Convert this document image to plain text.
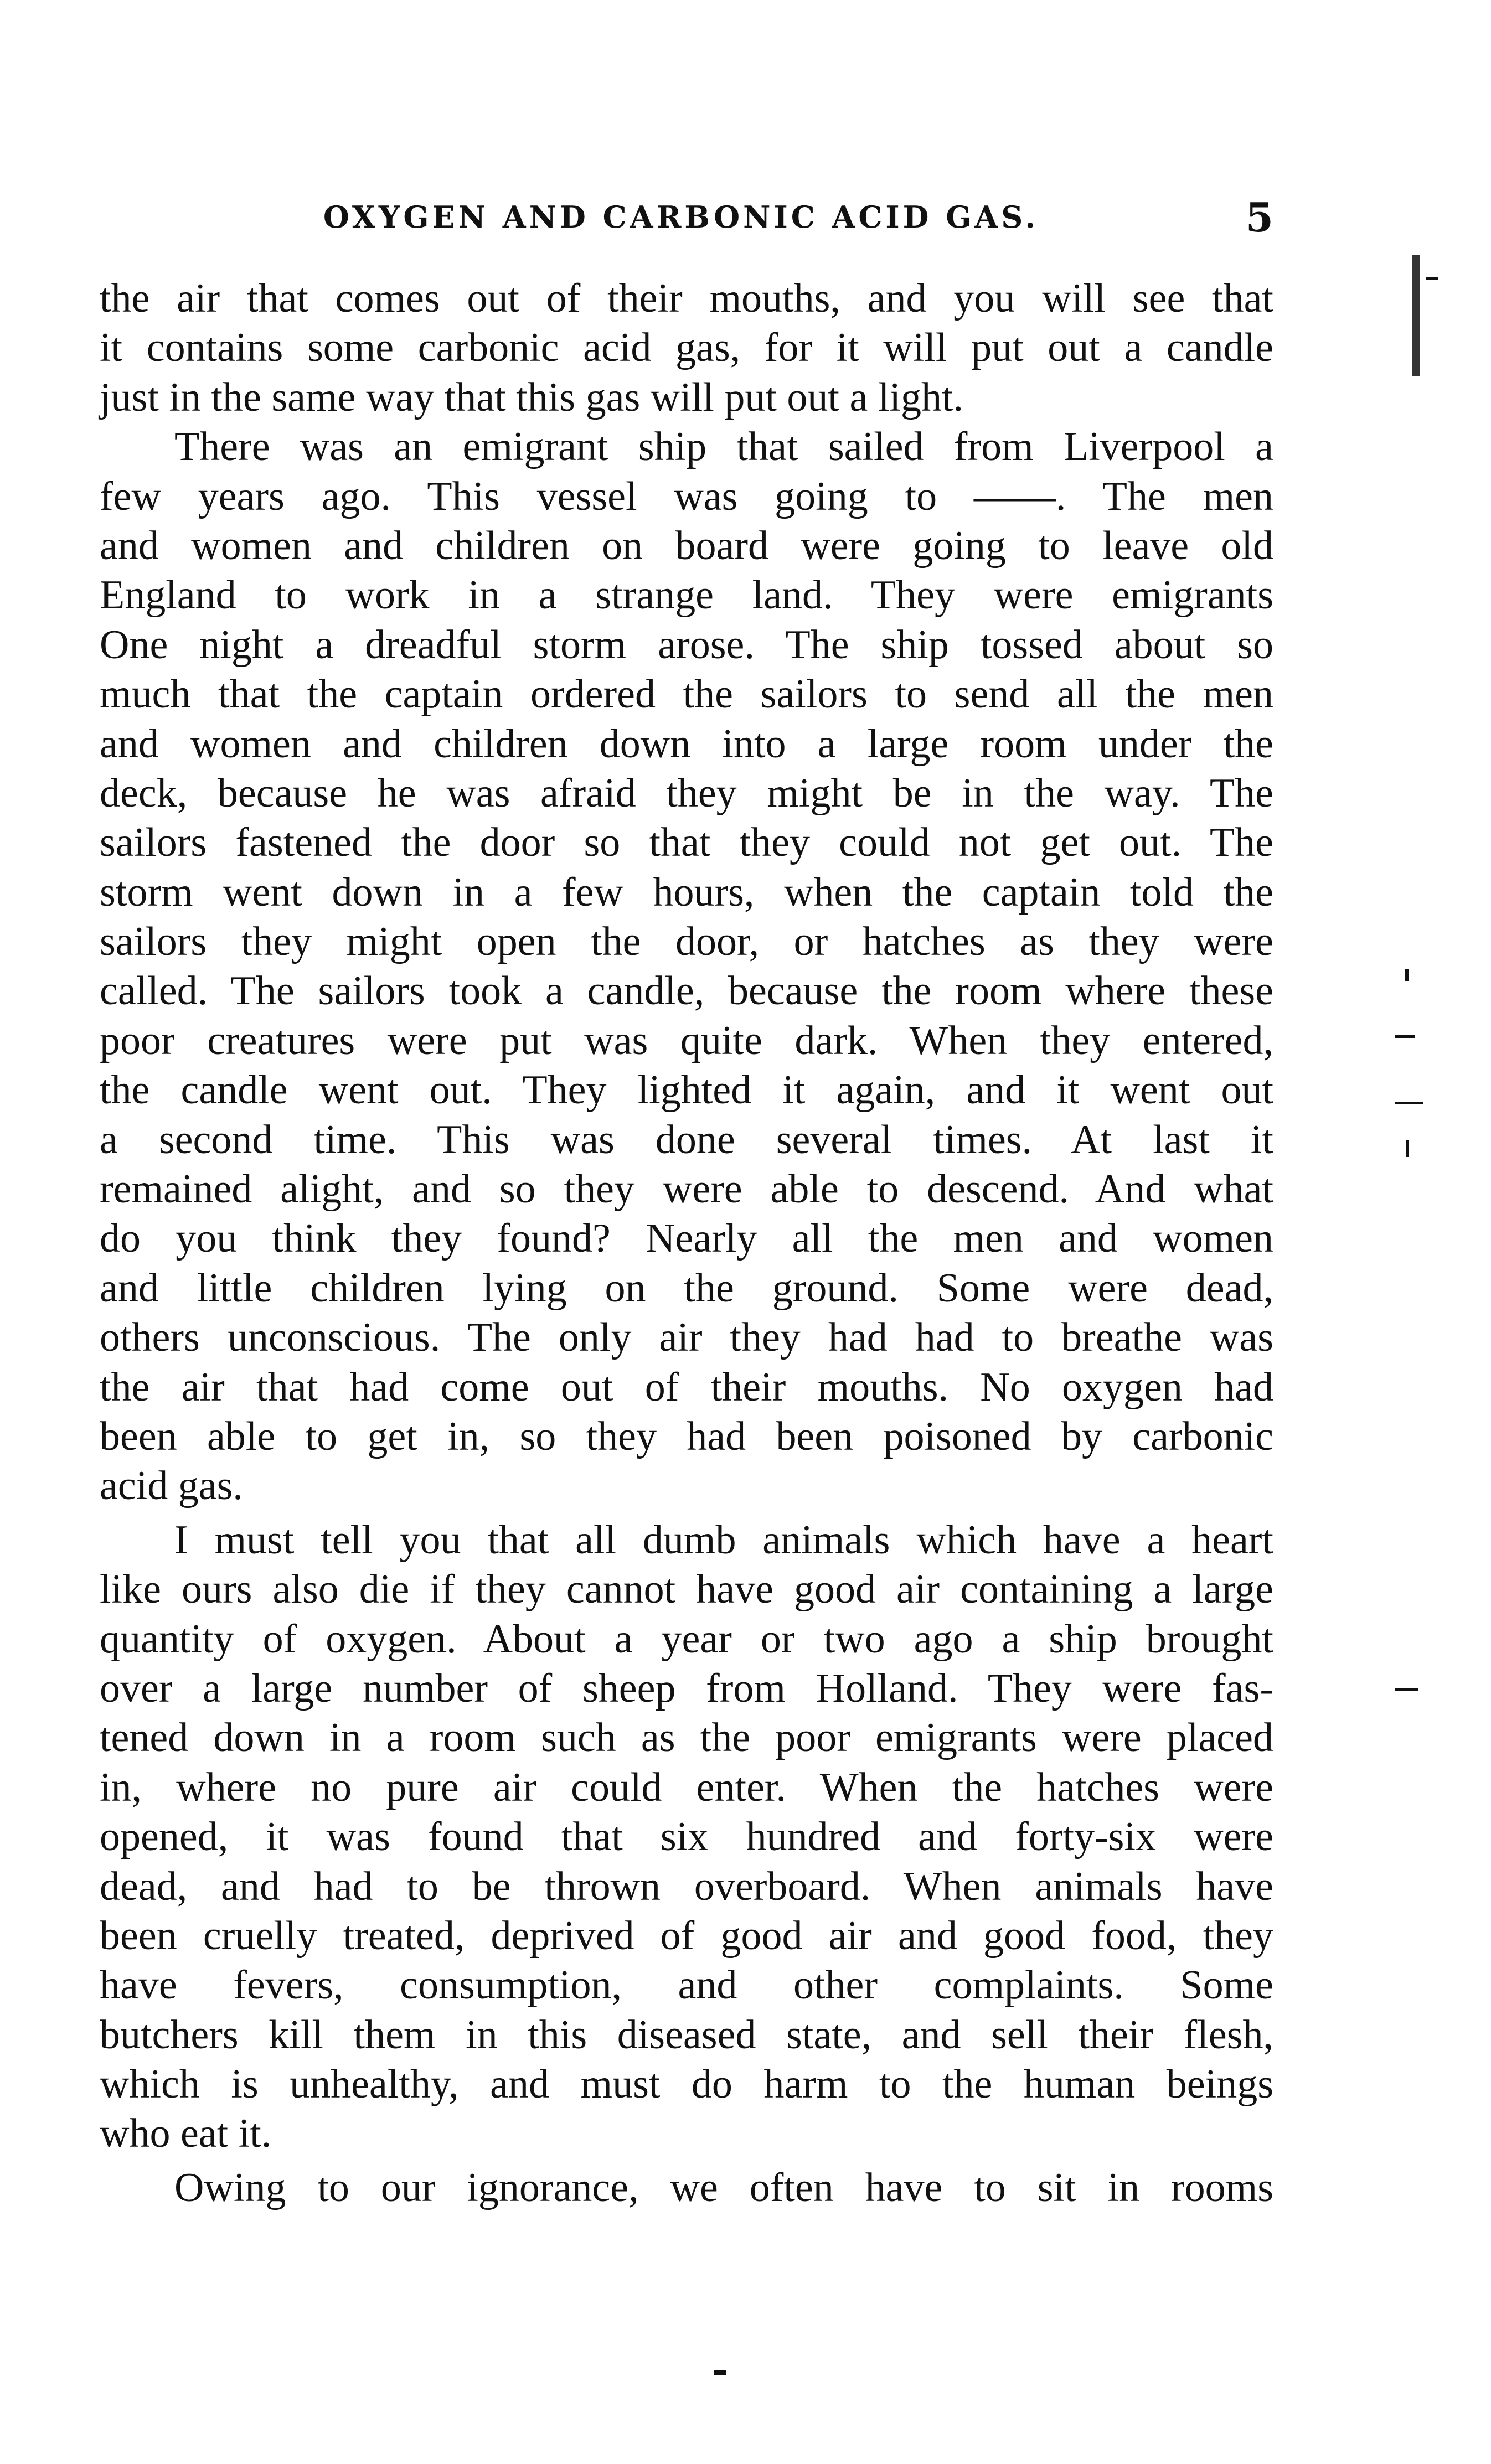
OXYGEN AND CARBONIC ACID GAS.	5
the air that comes out of their mouths, and you will see that
it contains some carbonic acid gas, for it will put out a candle
just in the same way that this gas will put out a light.
There was an emigrant ship that sailed from Liverpool a
few years ago. This vessel was going to ——. The men
and women and children on board were going to leave old
England to work in a strange land. They were emigrants
One night a dreadful storm arose. The ship tossed about so
much that the captain ordered the sailors to send all the men
and women and children down into a large room under the
deck, because he was afraid they might be in the way. The
sailors fastened the door so that they could not get out. The
storm went down in a few hours, when the captain told the
sailors they might open the door, or hatches as they were
called. The sailors took a candle, because the room where these
poor creatures were put was quite dark. When they entered,
the candle went out. They lighted it again, and it went out
a second time. This was done several times. At last it
remained alight, and so they were able to descend. And what
do you think they found? Nearly all the men and women
and little children lying on the ground. Some were dead,
others unconscious. The only air they had had to breathe was
the air that had come out of their mouths. No oxygen had
been able to get in, so they had been poisoned by carbonic
acid gas.
I must tell you that all dumb animals which have a heart
like ours also die if they cannot have good air containing a large
quantity of oxygen. About a year or two ago a ship brought
over a large number of sheep from Holland. They were fas-
tened down in a room such as the poor emigrants were placed
in, where no pure air could enter. When the hatches were
opened, it was found that six hundred and forty-six were
dead, and had to be thrown overboard. When animals have
been cruelly treated, deprived of good air and good food, they
have fevers, consumption, and other complaints. Some
butchers kill them in this diseased state, and sell their flesh,
which is unhealthy, and must do harm to the human beings
who eat it.
Owing to our ignorance, we often have to sit in rooms
